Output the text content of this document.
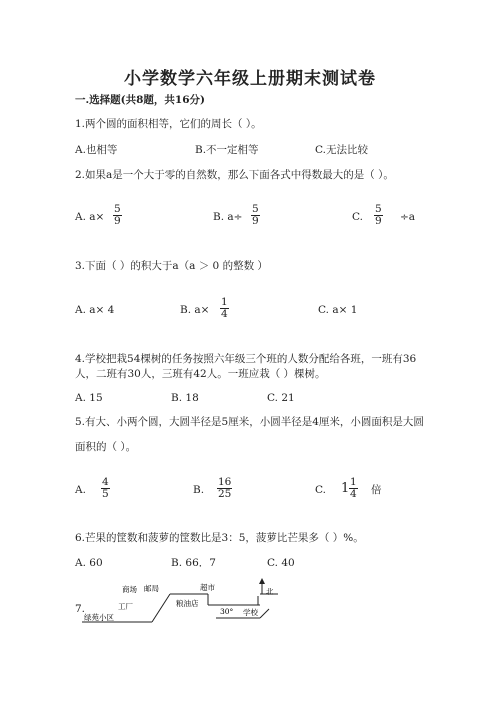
小学数学六年级上册期末测试卷
一.选择题(共8题，共16分)
1.两个圆的面积相等，它们的周长（ ）。
A.也相等	B.不一定相等	C.无法比较
2.如果a是一个大于零的自然数，那么下面各式中得数最大的是（ ）。
A. $a\times \frac{5}{9}$	B. $a\div \frac{5}{9}$	C. $\frac{5}{9} \div a$
3.下面（ ）的积大于a（a ＞ 0 的整数 ）
A. a× 4	B. $a\times \frac{1}{4}$	C. a× 1
4.学校把栽54棵树的任务按照六年级三个班的人数分配给各班，一班有36
人，二班有30人，三班有42人。一班应栽（ ）棵树。
A. 15	B. 18	C. 21
5.有大、小两个圆，大圆半径是5厘米，小圆半径是4厘米，小圆面积是大圆
面积的（ ）。
A. $\frac{4}{5}$	B. $\frac{16}{25}$	C. $1 \frac{1}{4}$ 倍
6.芒果的筐数和菠萝的筐数比是3：5，菠萝比芒果多（ ）%。
A. 60	B. 66．7	C. 40
7.
商场 邮局	超市	北
工厂	粮油店
30° 学校
绿苑小区
